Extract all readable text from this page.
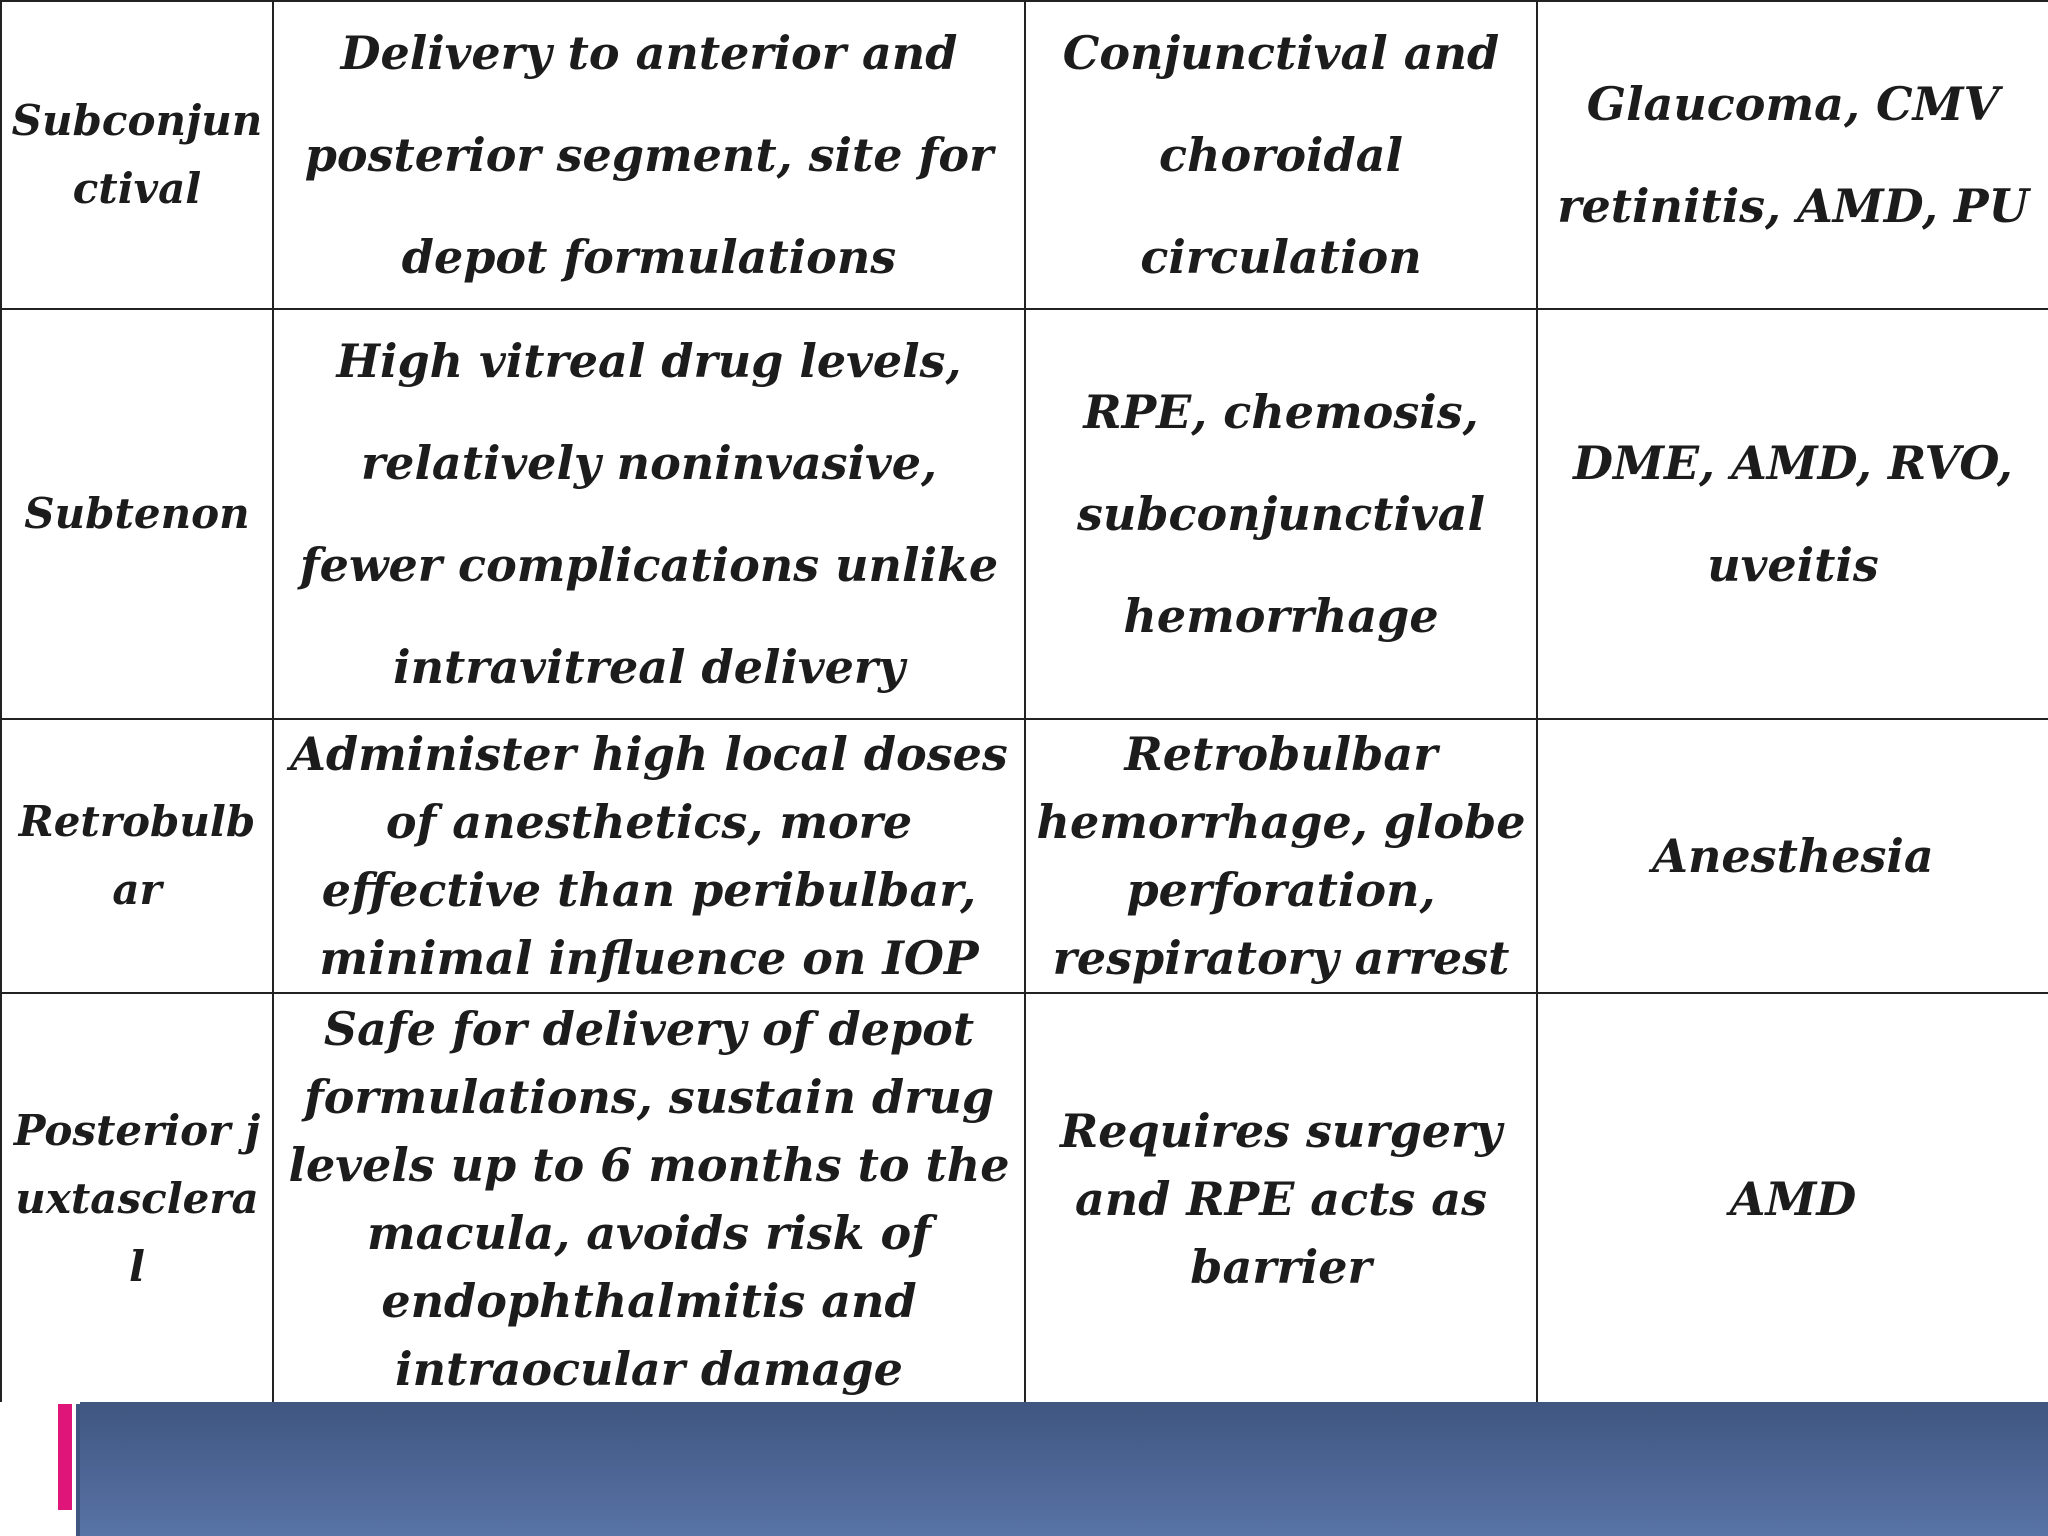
Subconjunctival	Delivery to anterior and posterior segment, site for depot formulations	Conjunctival and choroidal circulation	Glaucoma, CMV retinitis, AMD, PU
Subtenon	High vitreal drug levels, relatively noninvasive, fewer complications unlike intravitreal delivery	RPE, chemosis, subconjunctival hemorrhage	DME, AMD, RVO, uveitis
Retrobulbar	Administer high local doses of anesthetics, more effective than peribulbar, minimal influence on IOP	Retrobulbar hemorrhage, globe perforation, respiratory arrest	Anesthesia
Posterior juxtascleral	Safe for delivery of depot formulations, sustain drug levels up to 6 months to the macula, avoids risk of endophthalmitis and intraocular damage	Requires surgery and RPE acts as barrier	AMD
